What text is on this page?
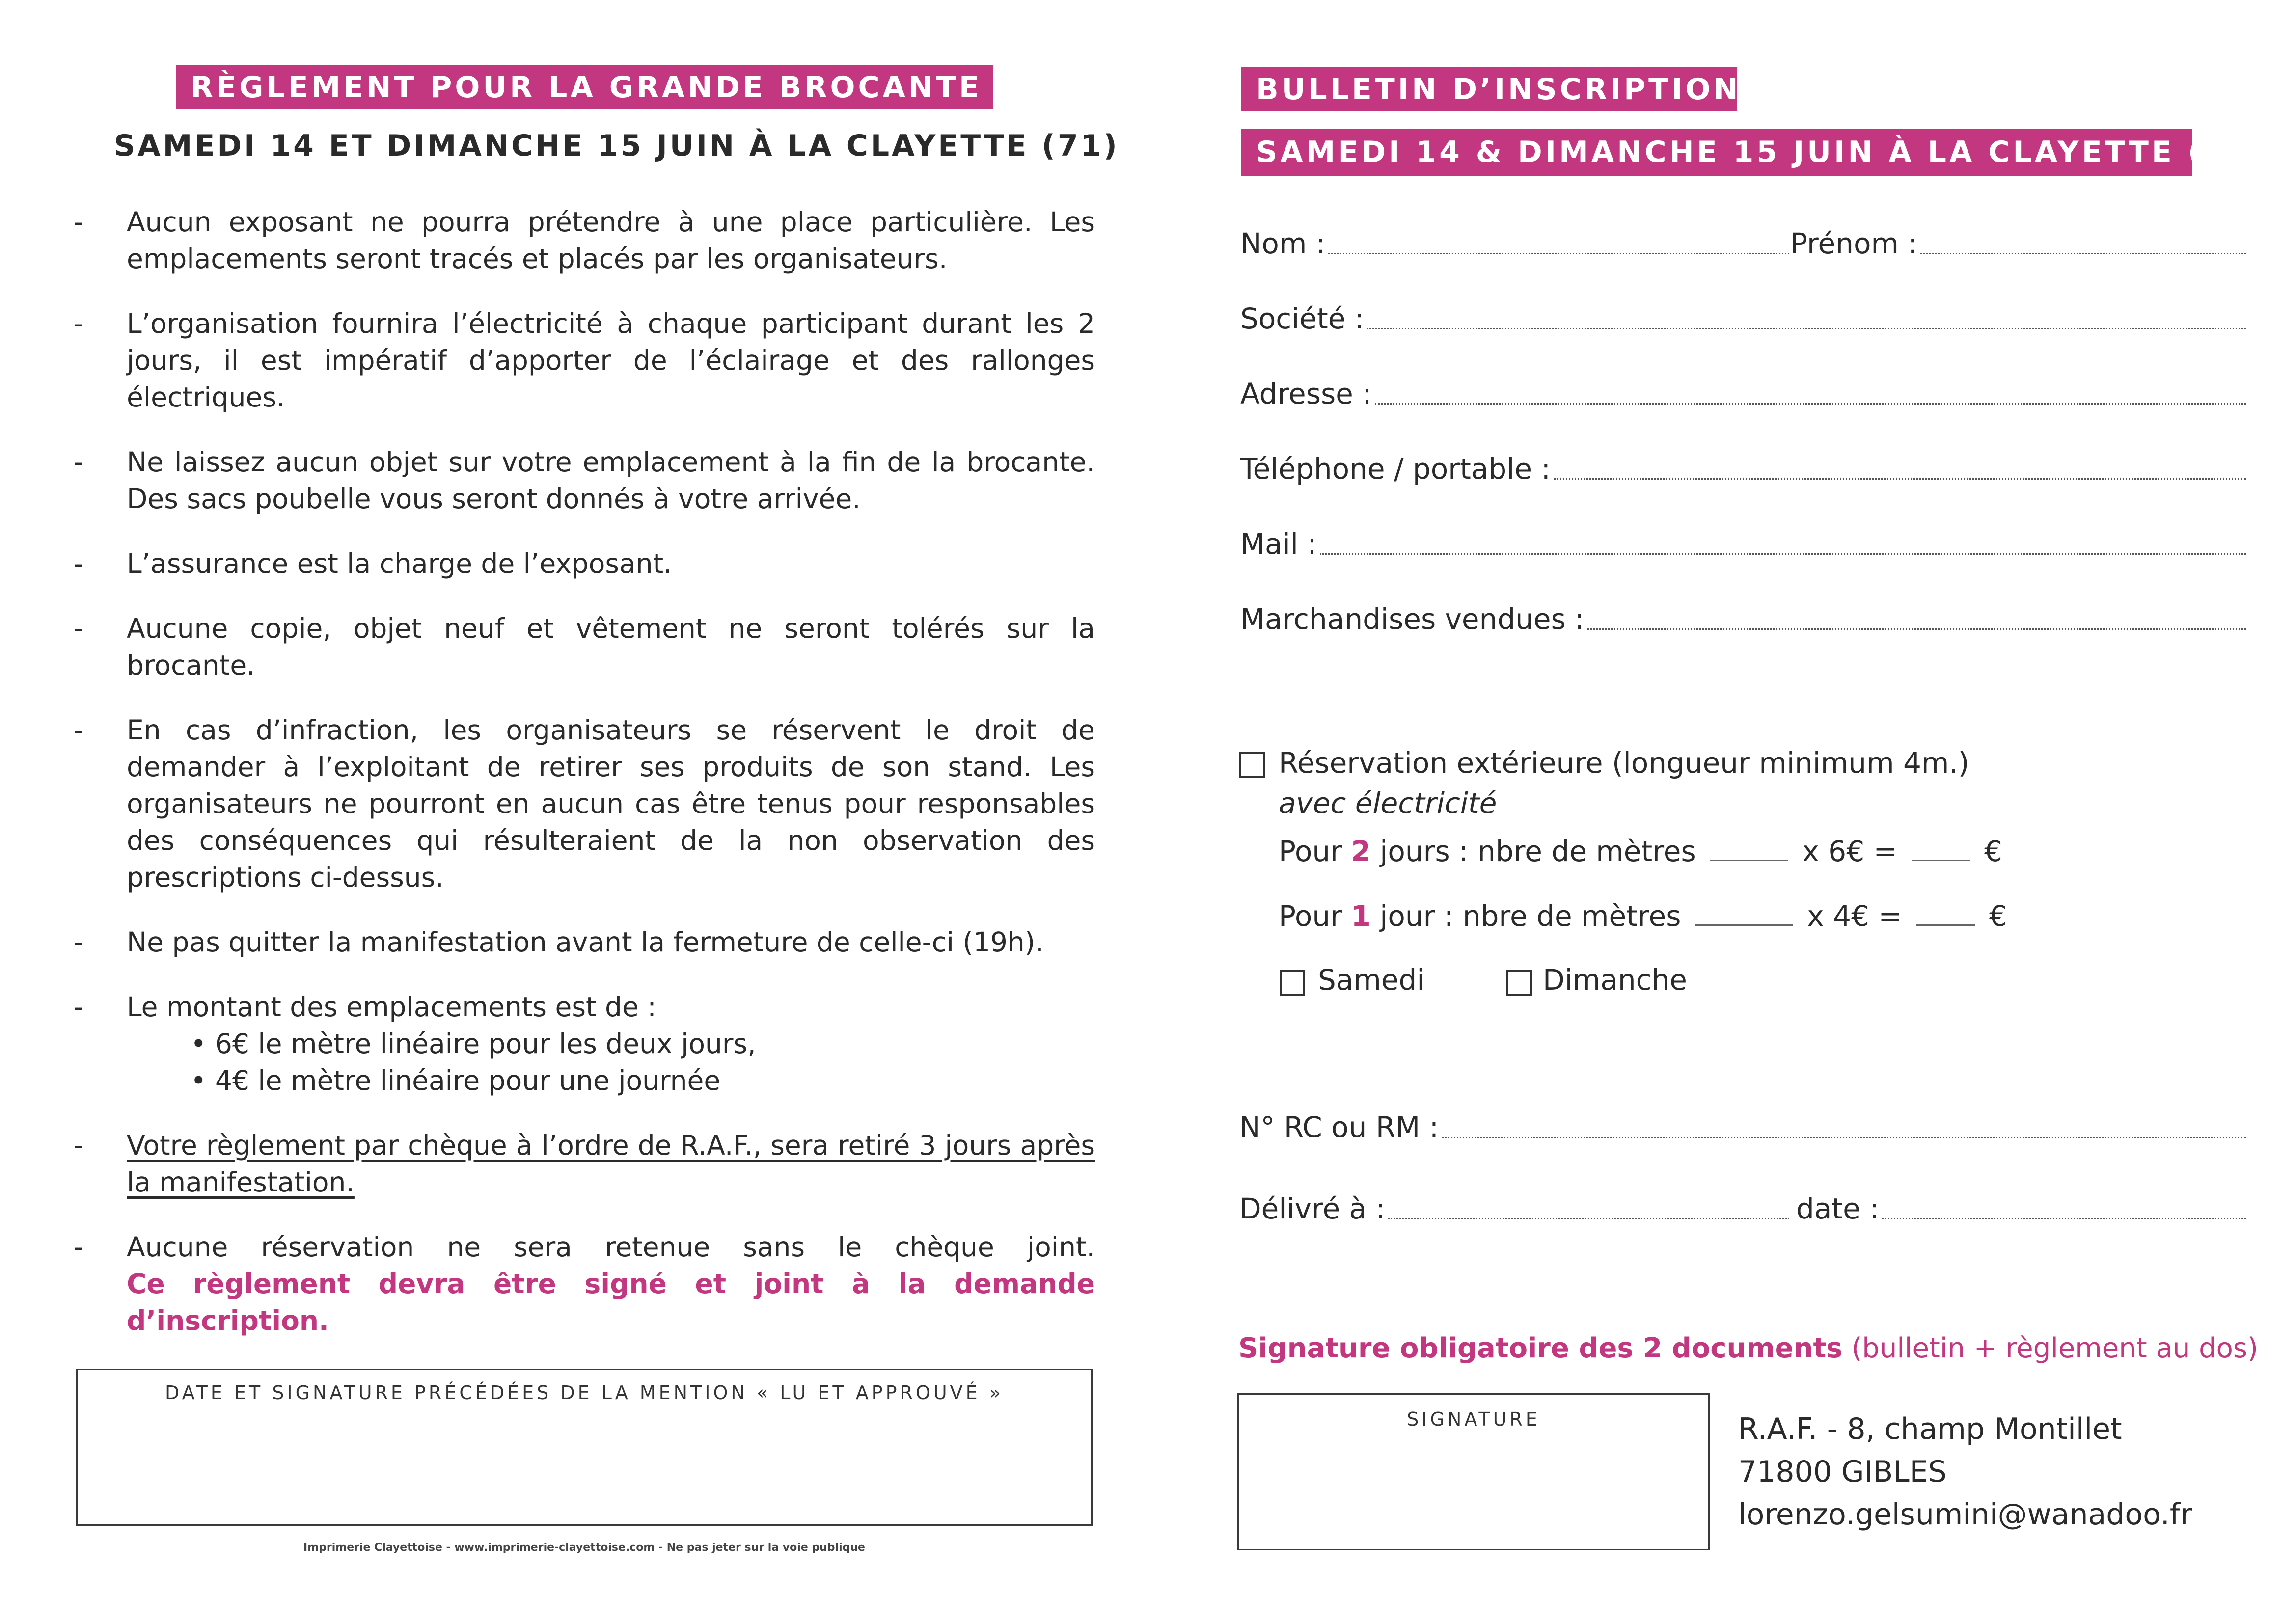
RÈGLEMENT POUR LA GRANDE BROCANTE
SAMEDI 14 ET DIMANCHE 15 JUIN À LA CLAYETTE (71)
- Aucun exposant ne pourra prétendre à une place particulière. Les emplacements seront tracés et placés par les organisateurs.
- L’organisation fournira l’électricité à chaque participant durant les 2 jours, il est impératif d’apporter de l’éclairage et des rallonges électriques.
- Ne laissez aucun objet sur votre emplacement à la fin de la brocante. Des sacs poubelle vous seront donnés à votre arrivée.
- L’assurance est la charge de l’exposant.
- Aucune copie, objet neuf et vêtement ne seront tolérés sur la brocante.
- En cas d’infraction, les organisateurs se réservent le droit de demander à l’exploitant de retirer ses produits de son stand. Les organisateurs ne pourront en aucun cas être tenus pour responsables des conséquences qui résulteraient de la non observation des prescriptions ci-dessus.
- Ne pas quitter la manifestation avant la fermeture de celle-ci (19h).
- Le montant des emplacements est de :
• 6€ le mètre linéaire pour les deux jours,
• 4€ le mètre linéaire pour une journée
- Votre règlement par chèque à l’ordre de R.A.F., sera retiré 3 jours après la manifestation.
- Aucune réservation ne sera retenue sans le chèque joint.
Ce règlement devra être signé et joint à la demande d’inscription.
DATE ET SIGNATURE PRÉCÉDÉES DE LA MENTION « LU ET APPROUVÉ »
Imprimerie Clayettoise - www.imprimerie-clayettoise.com - Ne pas jeter sur la voie publique
BULLETIN D’INSCRIPTION
SAMEDI 14 & DIMANCHE 15 JUIN À LA CLAYETTE (71)
Nom :	Prénom :
Société :
Adresse :
Téléphone / portable :
Mail :
Marchandises vendues :
Réservation extérieure (longueur minimum 4m.)
avec électricité
Pour 2 jours : nbre de mètres	x 6€ =	€
Pour 1 jour : nbre de mètres	x 4€ =	€
Samedi	Dimanche
N° RC ou RM :
Délivré à :	date :
Signature obligatoire des 2 documents (bulletin + règlement au dos)
SIGNATURE	R.A.F. - 8, champ Montillet
71800 GIBLES
lorenzo.gelsumini@wanadoo.fr
